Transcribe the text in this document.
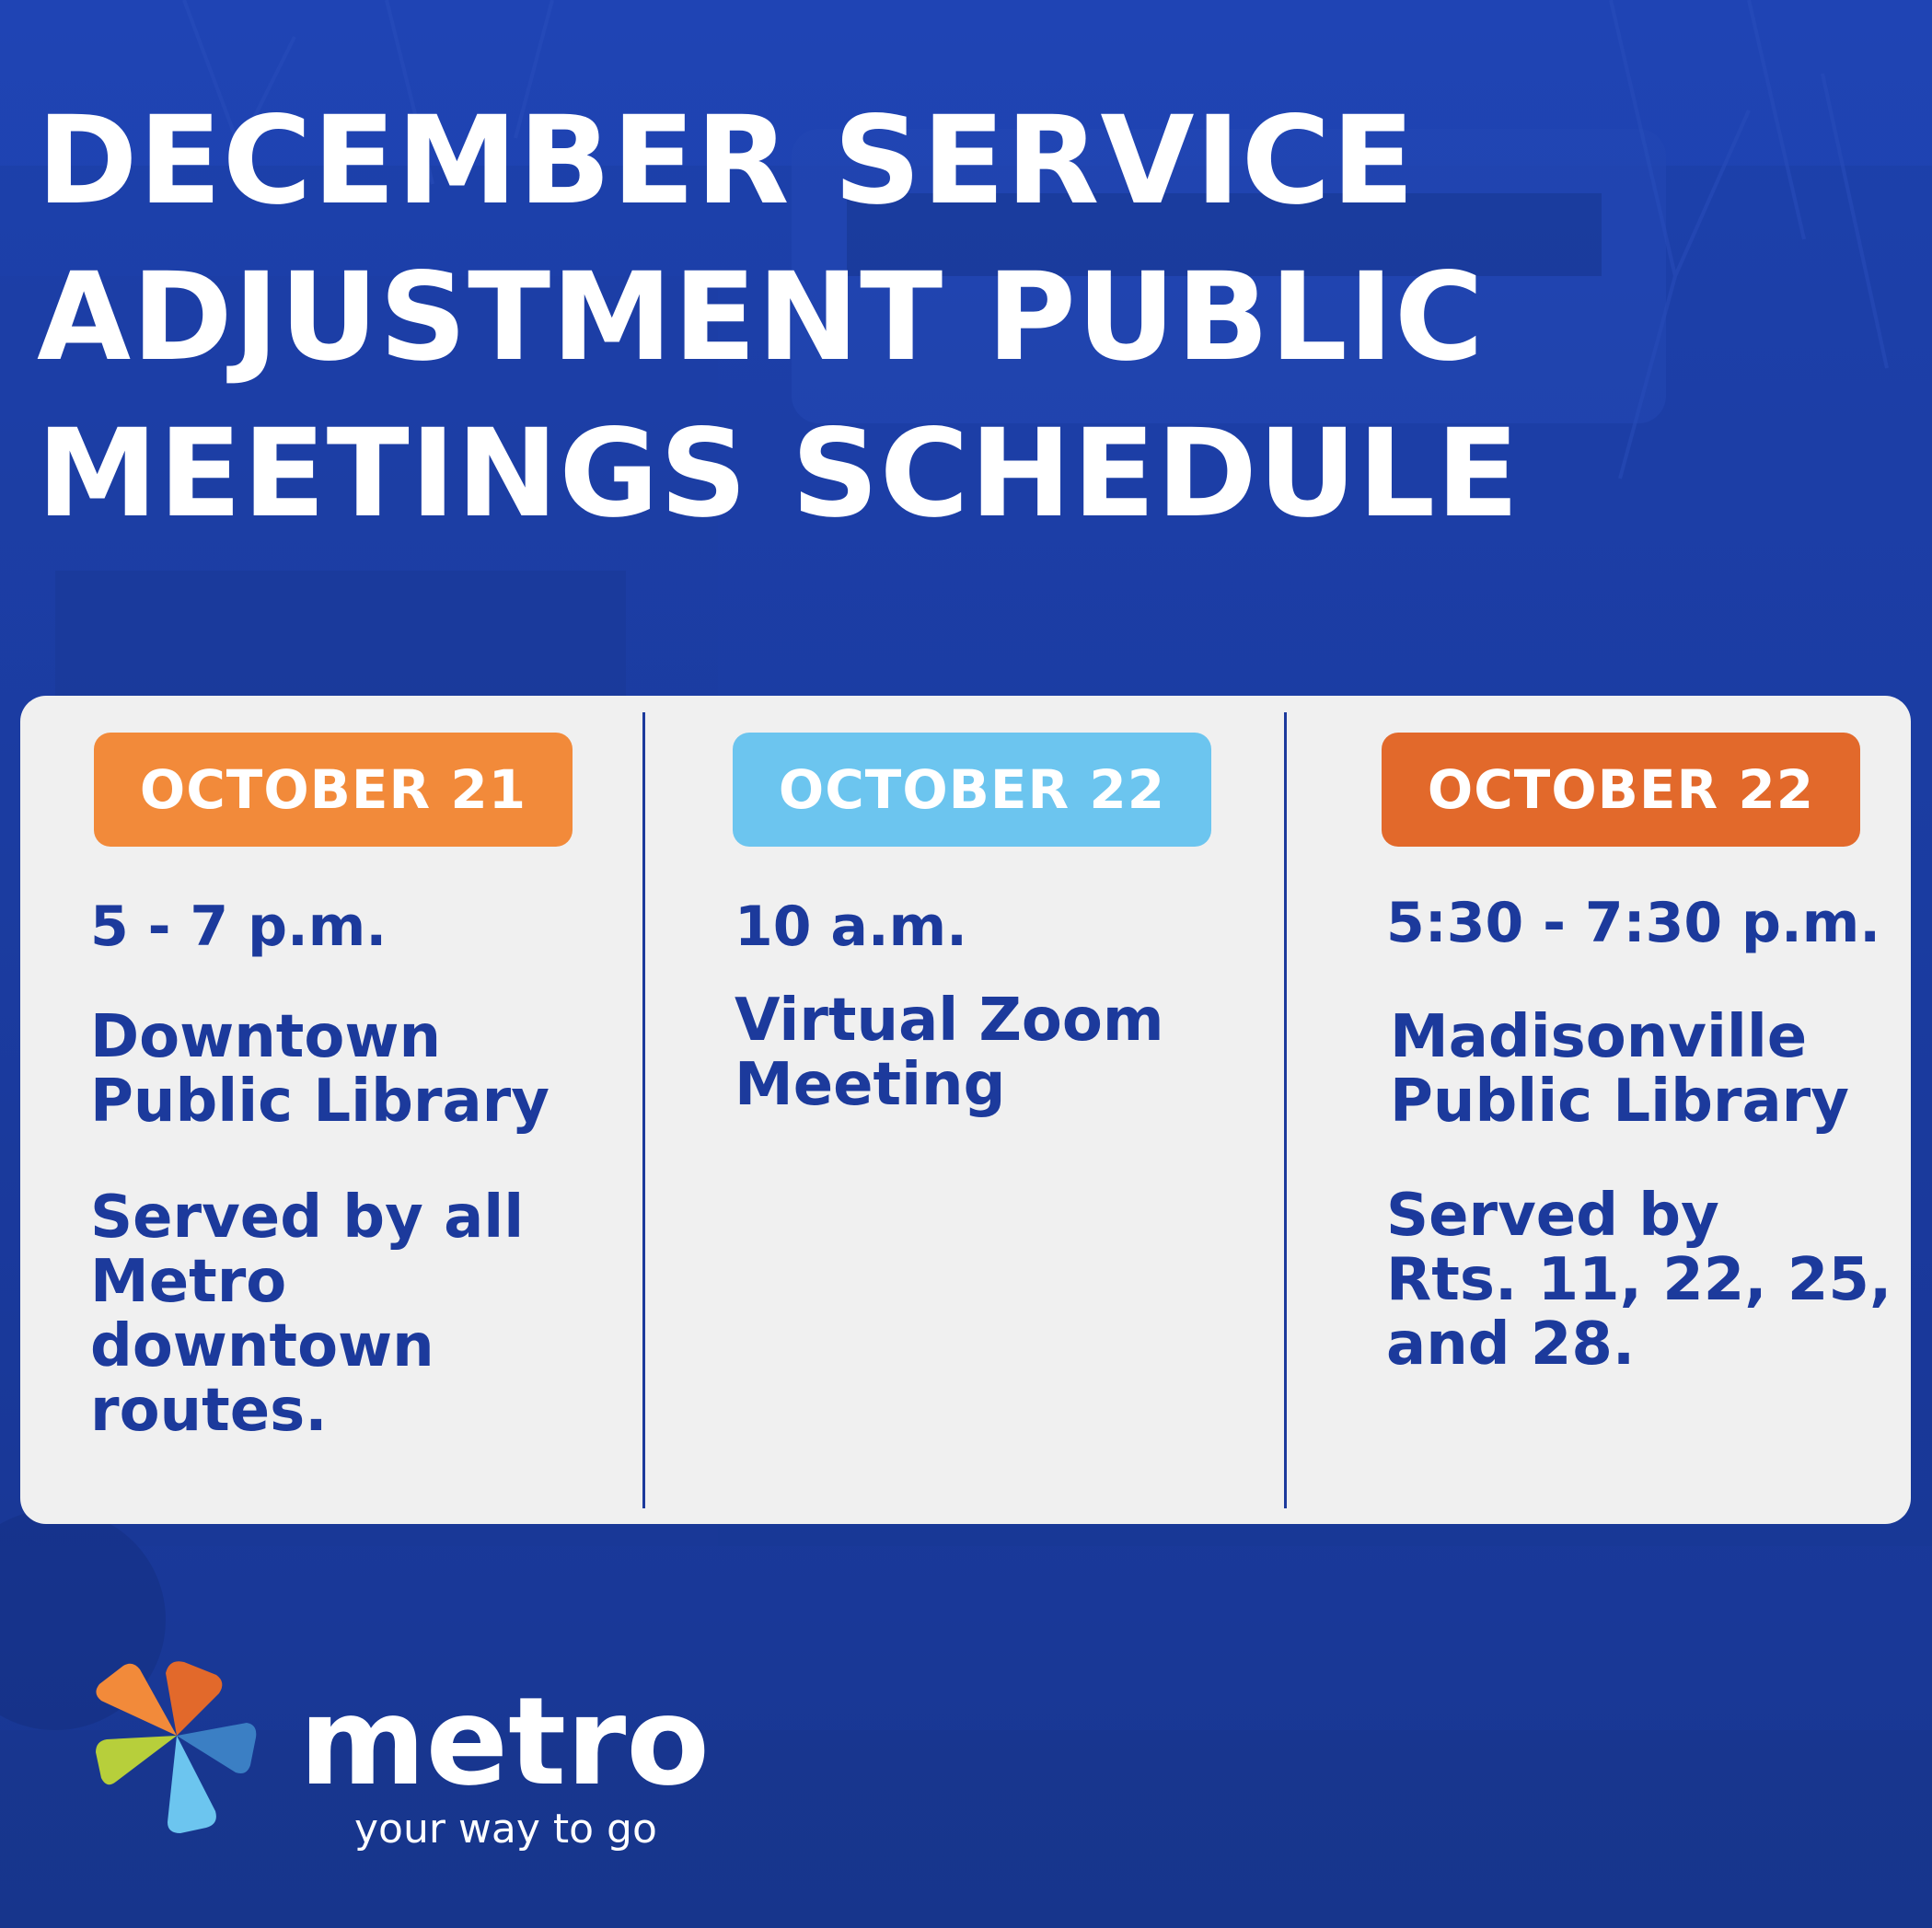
DECEMBER SERVICE
ADJUSTMENT PUBLIC
MEETINGS SCHEDULE
OCTOBER 21
5 - 7 p.m.
Downtown
Public Library
Served by all
Metro
downtown
routes.
OCTOBER 22
10 a.m.
Virtual Zoom
Meeting
OCTOBER 22
5:30 - 7:30 p.m.
Madisonville
Public Library
Served by
Rts. 11, 22, 25,
and 28.
metro
your way to go
